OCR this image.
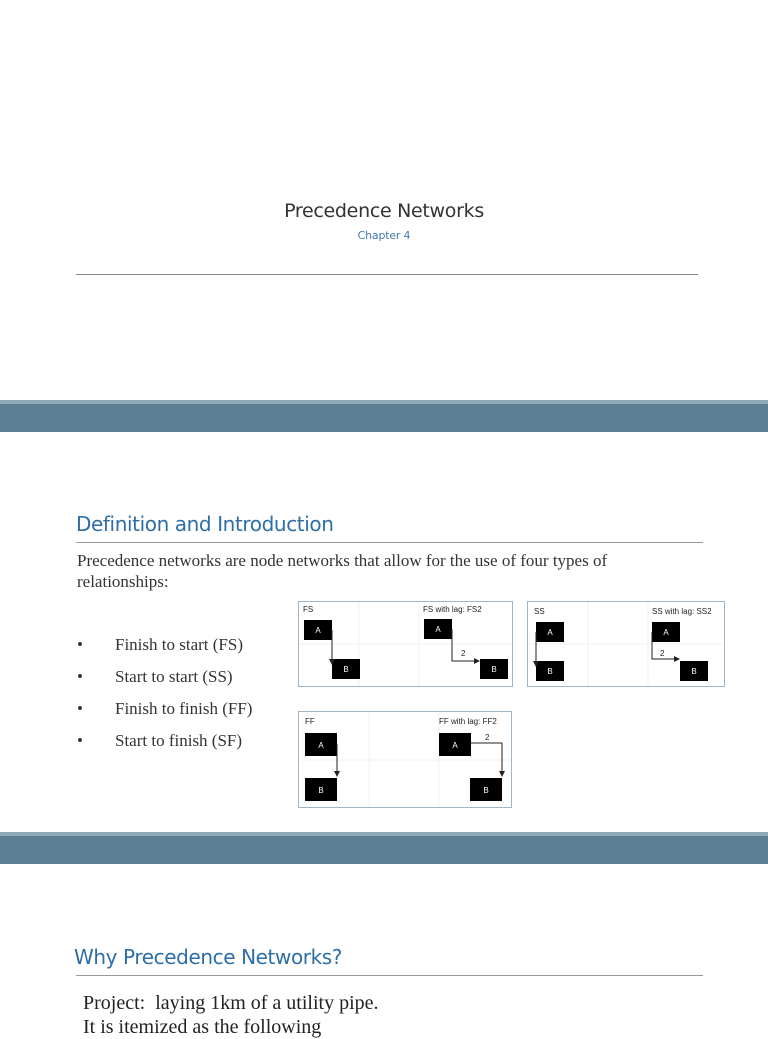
Precedence Networks
Chapter 4
Definition and Introduction
Precedence networks are node networks that allow for the use of four types of relationships:
• Finish to start (FS)
• Start to start (SS)
• Finish to finish (FF)
• Start to finish (SF)
FS	FS with lag: FS2
A
B
A
B
2
SS	SS with lag: SS2
A
B
A
B
2
FF	FF with lag: FF2
A
B
A
B
2
Why Precedence Networks?
Project:  laying 1km of a utility pipe.
It is itemized as the following
